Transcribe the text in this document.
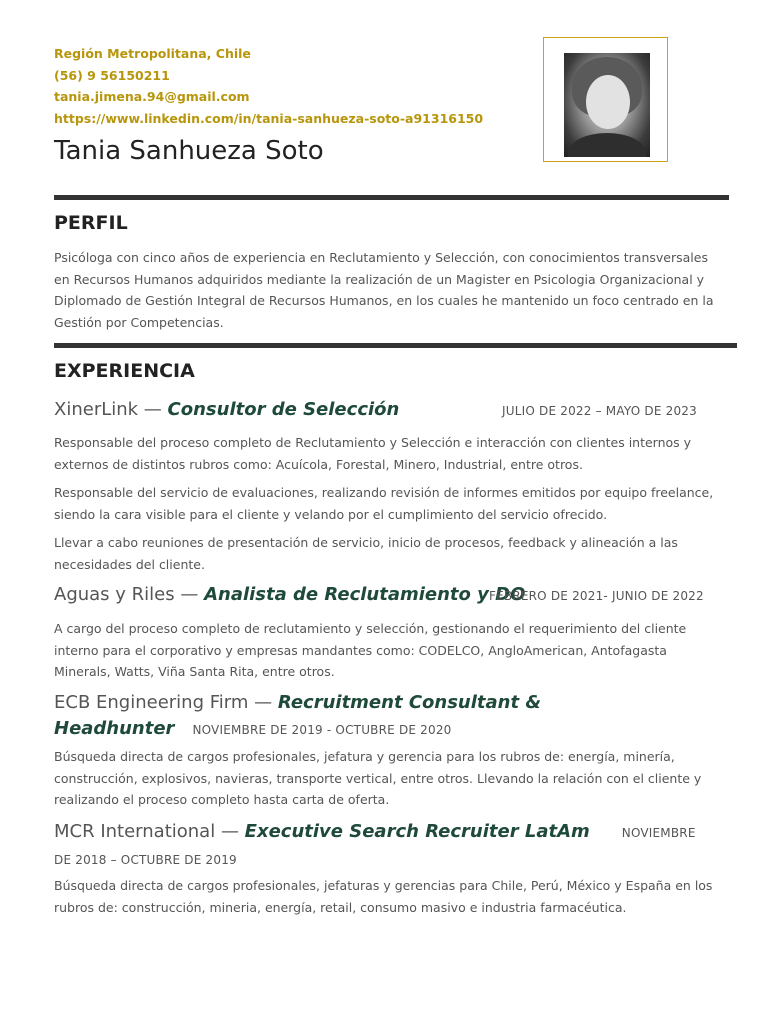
Región Metropolitana, Chile
(56) 9 56150211
tania.jimena.94@gmail.com
https://www.linkedin.com/in/tania-sanhueza-soto-a91316150
Tania Sanhueza Soto
PERFIL
Psicóloga con cinco años de experiencia en Reclutamiento y Selección, con conocimientos transversales en Recursos Humanos adquiridos mediante la realización de un Magister en Psicologia Organizacional y Diplomado de Gestión Integral de Recursos Humanos, en los cuales he mantenido un foco centrado en la Gestión por Competencias.
EXPERIENCIA
XinerLink — Consultor de Selección	JULIO DE 2022 – MAYO DE 2023
Responsable del proceso completo de Reclutamiento y Selección e interacción con clientes internos y externos de distintos rubros como: Acuícola, Forestal, Minero, Industrial, entre otros.
Responsable del servicio de evaluaciones, realizando revisión de informes emitidos por equipo freelance, siendo la cara visible para el cliente y velando por el cumplimiento del servicio ofrecido.
Llevar a cabo reuniones de presentación de servicio, inicio de procesos, feedback y alineación a las necesidades del cliente.
Aguas y Riles — Analista de Reclutamiento y DO
FEBRERO DE 2021- JUNIO DE 2022
A cargo del proceso completo de reclutamiento y selección, gestionando el requerimiento del cliente interno para el corporativo y empresas mandantes como: CODELCO, AngloAmerican, Antofagasta Minerals, Watts, Viña Santa Rita, entre otros.
ECB Engineering Firm — Recruitment Consultant & Headhunter NOVIEMBRE DE 2019 - OCTUBRE DE 2020
Búsqueda directa de cargos profesionales, jefatura y gerencia para los rubros de: energía, minería, construcción, explosivos, navieras, transporte vertical, entre otros. Llevando la relación con el cliente y realizando el proceso completo hasta carta de oferta.
MCR International — Executive Search Recruiter LatAm	NOVIEMBRE DE 2018 – OCTUBRE DE 2019
Búsqueda directa de cargos profesionales, jefaturas y gerencias para Chile, Perú, México y España en los rubros de: construcción, mineria, energía, retail, consumo masivo e industria farmacéutica.
